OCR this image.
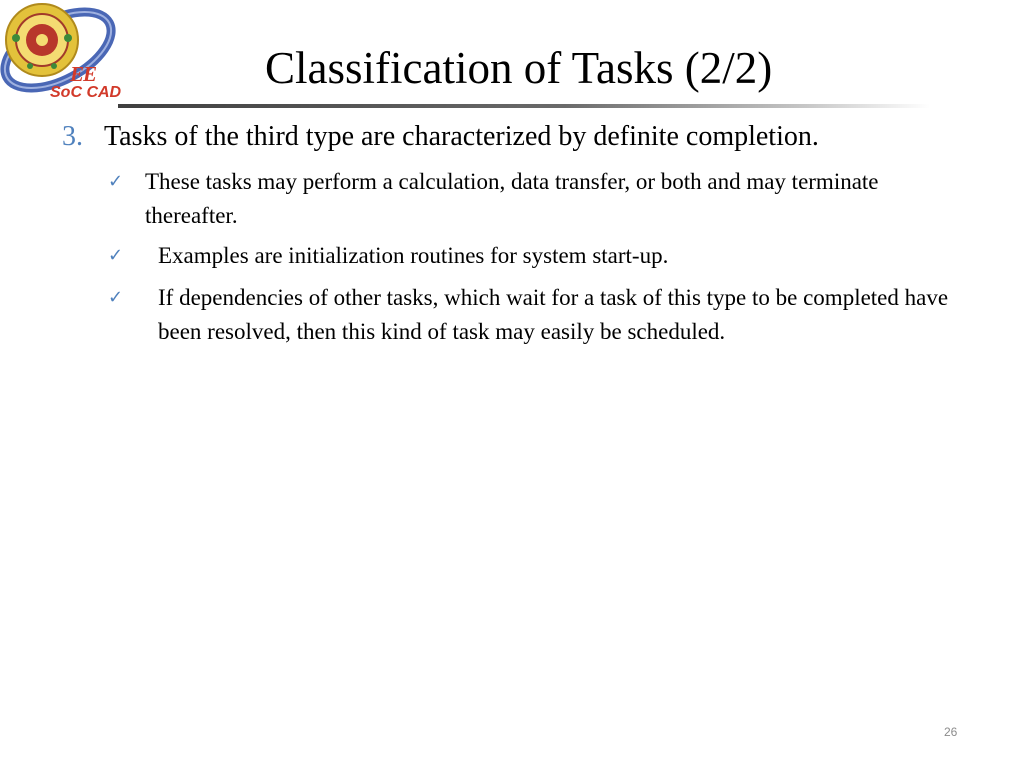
EE
SoC CAD	Classification of Tasks (2/2)
3. Tasks of the third type are characterized by definite completion.
✓ These tasks may perform a calculation, data transfer, or both and may terminate thereafter.
✓ Examples are initialization routines for system start-up.
✓ If dependencies of other tasks, which wait for a task of this type to be completed have been resolved, then this kind of task may easily be scheduled.
26
